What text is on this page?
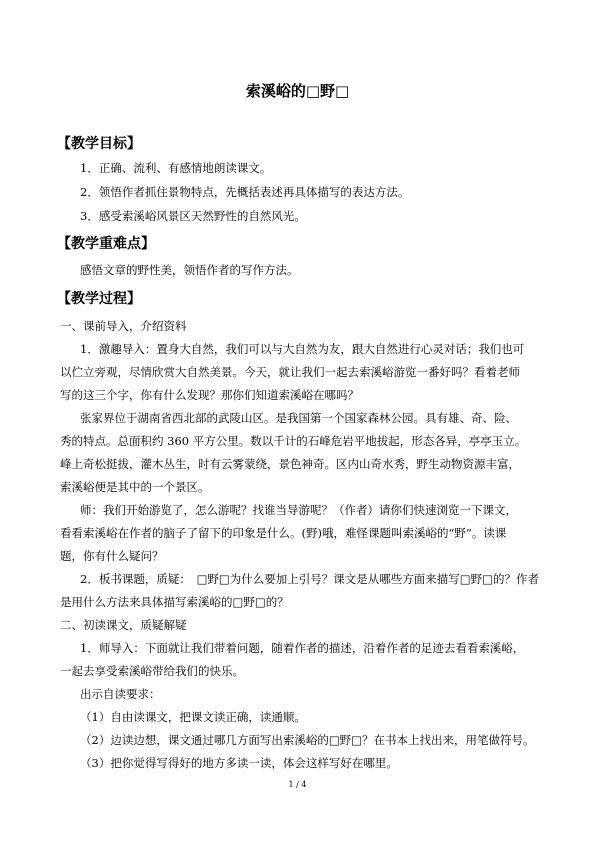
索溪峪的□野□
【教学目标】
1．正确、流利、有感情地朗读课文。
2．领悟作者抓住景物特点，先概括表述再具体描写的表达方法。
3．感受索溪峪风景区天然野性的自然风光。
【教学重难点】
感悟文章的野性美，领悟作者的写作方法。
【教学过程】
一、课前导入，介绍资料
1．激趣导入：置身大自然，我们可以与大自然为友，跟大自然进行心灵对话；我们也可
以伫立旁观，尽情欣赏大自然美景。今天，就让我们一起去索溪峪游览一番好吗？看着老师
写的这三个字，你有什么发现？那你们知道索溪峪在哪吗？
张家界位于湖南省西北部的武陵山区。是我国第一个国家森林公园。具有雄、奇、险、
秀的特点。总面积约 360 平方公里。数以千计的石峰危岩平地拔起，形态各异，亭亭玉立。
峰上奇松挺拔，灌木丛生，时有云雾蒙绕，景色神奇。区内山奇水秀，野生动物资源丰富，
索溪峪便是其中的一个景区。
师：我们开始游览了，怎么游呢？找谁当导游呢？（作者）请你们快速浏览一下课文，
看看索溪峪在作者的脑子了留下的印象是什么。(野)哦，难怪课题叫索溪峪的“野”。读课
题，你有什么疑问？
2．板书课题，质疑：　□野□为什么要加上引号？课文是从哪些方面来描写□野□的？作者
是用什么方法来具体描写索溪峪的□野□的？
二、初读课文，质疑解疑
1．师导入：下面就让我们带着问题，随着作者的描述，沿着作者的足迹去看看索溪峪，
一起去享受索溪峪带给我们的快乐。
出示自读要求：
（1）自由读课文，把课文读正确，读通顺。
（2）边读边想，课文通过哪几方面写出索溪峪的□野□？在书本上找出来，用笔做符号。
（3）把你觉得写得好的地方多读一读，体会这样写好在哪里。
1 / 4
